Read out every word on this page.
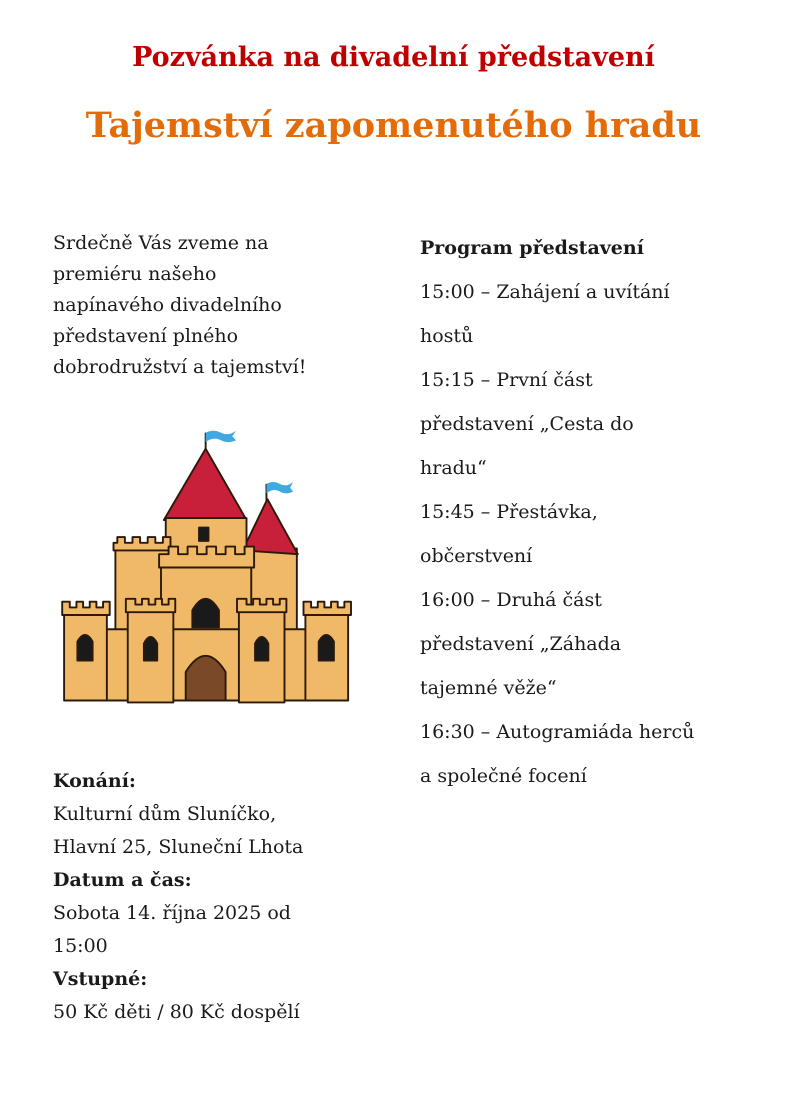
Pozvánka na divadelní představení
Tajemství zapomenutého hradu

Srdečně Vás zveme na

premiéru našeho

napínavého divadelního

představení plného

dobrodružství a tajemství!

Konání:
Kulturní dům Sluníčko,
Hlavní 25, Sluneční Lhota
Datum a čas:
Sobota 14. října 2025 od
15:00
Vstupné:
50 Kč děti / 80 Kč dospělí
Program představení
15:00 – Zahájení a uvítání
hostů
15:15 – První část
představení „Cesta do
hradu“
15:45 – Přestávka,
občerstvení
16:00 – Druhá část
představení „Záhada
tajemné věže“
16:30 – Autogramiáda herců
a společné focení
